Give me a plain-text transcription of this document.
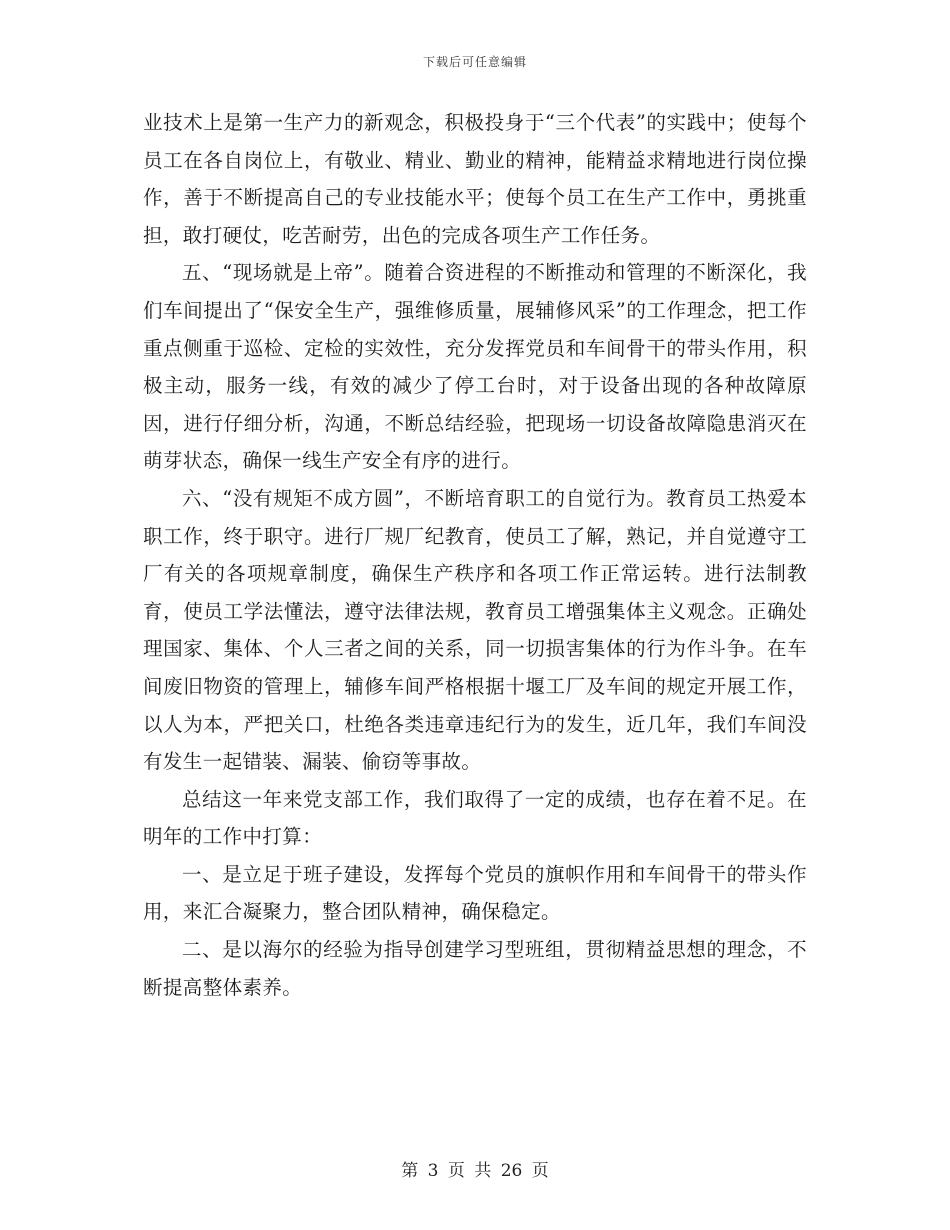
下载后可任意编辑

业技术上是第一生产力的新观念，积极投身于“三个代表”的实践中；使每个员工在各自岗位上，有敬业、精业、勤业的精神，能精益求精地进行岗位操作，善于不断提高自己的专业技能水平；使每个员工在生产工作中，勇挑重担，敢打硬仗，吃苦耐劳，出色的完成各项生产工作任务。

五、“现场就是上帝”。随着合资进程的不断推动和管理的不断深化，我们车间提出了“保安全生产，强维修质量，展辅修风采”的工作理念，把工作重点侧重于巡检、定检的实效性，充分发挥党员和车间骨干的带头作用，积极主动，服务一线，有效的减少了停工台时，对于设备出现的各种故障原因，进行仔细分析，沟通，不断总结经验，把现场一切设备故障隐患消灭在萌芽状态，确保一线生产安全有序的进行。

六、“没有规矩不成方圆”，不断培育职工的自觉行为。教育员工热爱本职工作，终于职守。进行厂规厂纪教育，使员工了解，熟记，并自觉遵守工厂有关的各项规章制度，确保生产秩序和各项工作正常运转。进行法制教育，使员工学法懂法，遵守法律法规，教育员工增强集体主义观念。正确处理国家、集体、个人三者之间的关系，同一切损害集体的行为作斗争。在车间废旧物资的管理上，辅修车间严格根据十堰工厂及车间的规定开展工作，以人为本，严把关口，杜绝各类违章违纪行为的发生，近几年，我们车间没有发生一起错装、漏装、偷窃等事故。

总结这一年来党支部工作，我们取得了一定的成绩，也存在着不足。在明年的工作中打算：

一、是立足于班子建设，发挥每个党员的旗帜作用和车间骨干的带头作用，来汇合凝聚力，整合团队精神，确保稳定。

二、是以海尔的经验为指导创建学习型班组，贯彻精益思想的理念，不断提高整体素养。

第 3 页 共 26 页
